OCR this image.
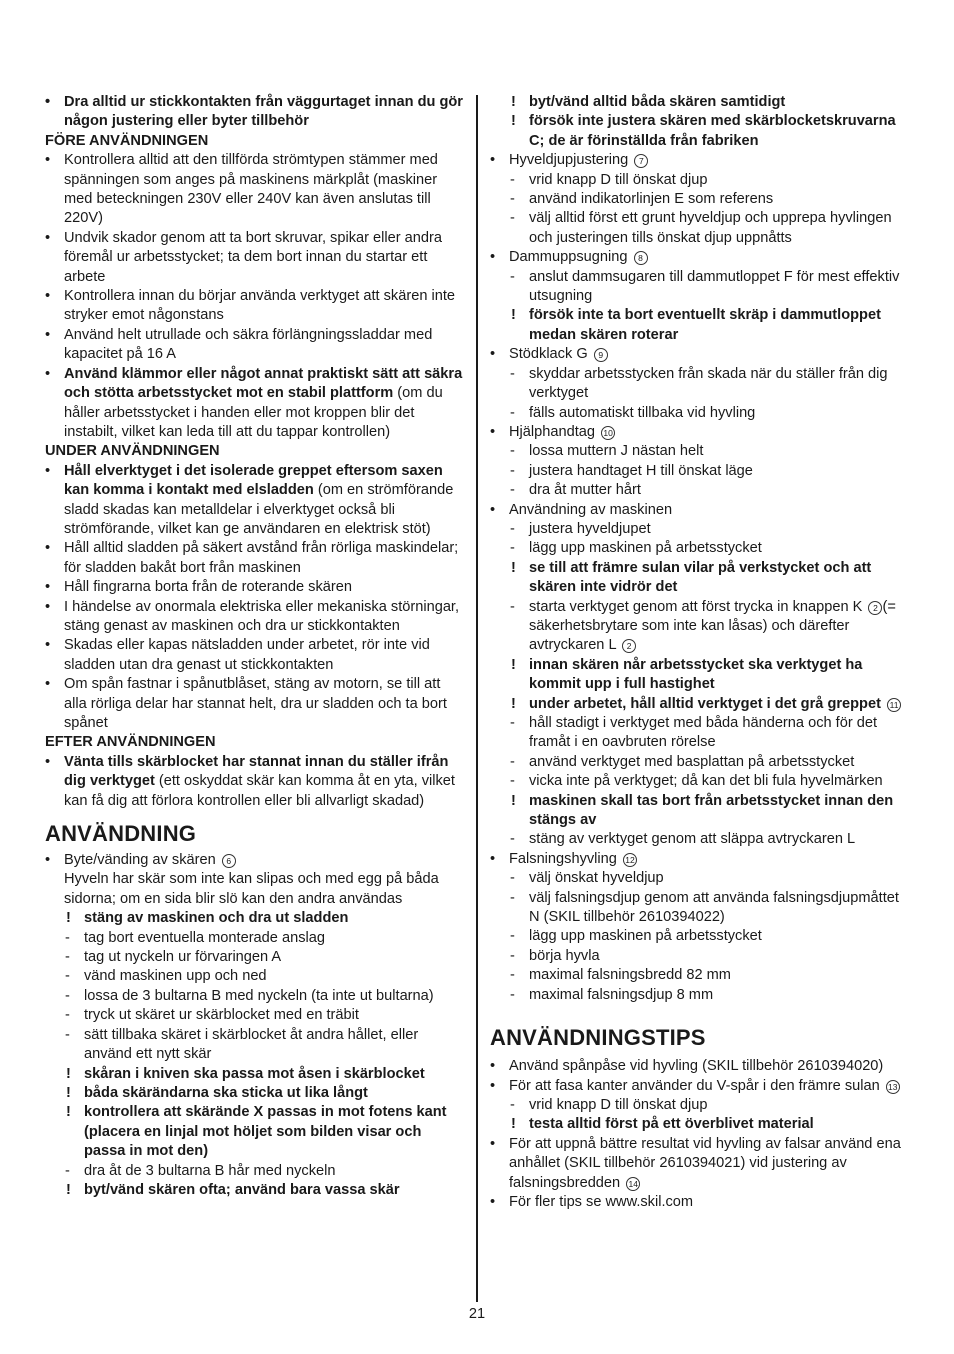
• Dra alltid ur stickkontakten från väggurtaget innan du gör någon justering eller byter tillbehör
FÖRE ANVÄNDNINGEN
• Kontrollera alltid att den tillförda strömtypen stämmer med spänningen som anges på maskinens märkplåt (maskiner med beteckningen 230V eller 240V kan även anslutas till 220V)
• Undvik skador genom att ta bort skruvar, spikar eller andra föremål ur arbetsstycket; ta dem bort innan du startar ett arbete
• Kontrollera innan du börjar använda verktyget att skären inte stryker emot någonstans
• Använd helt utrullade och säkra förlängningssladdar med kapacitet på 16 A
• Använd klämmor eller något annat praktiskt sätt att säkra och stötta arbetsstycket mot en stabil plattform (om du håller arbetsstycket i handen eller mot kroppen blir det instabilt, vilket kan leda till att du tappar kontrollen)
UNDER ANVÄNDNINGEN
• Håll elverktyget i det isolerade greppet eftersom saxen kan komma i kontakt med elsladden (om en strömförande sladd skadas kan metalldelar i elverktyget också bli strömförande, vilket kan ge användaren en elektrisk stöt)
• Håll alltid sladden på säkert avstånd från rörliga maskindelar; för sladden bakåt bort från maskinen
• Håll fingrarna borta från de roterande skären
• I händelse av onormala elektriska eller mekaniska störningar, stäng genast av maskinen och dra ur stickkontakten
• Skadas eller kapas nätsladden under arbetet, rör inte vid sladden utan dra genast ut stickkontakten
• Om spån fastnar i spånutblåset, stäng av motorn, se till att alla rörliga delar har stannat helt, dra ur sladden och ta bort spånet
EFTER ANVÄNDNINGEN
• Vänta tills skärblocket har stannat innan du ställer ifrån dig verktyget (ett oskyddat skär kan komma åt en yta, vilket kan få dig att förlora kontrollen eller bli allvarligt skadad)
ANVÄNDNING
• Byte/vänding av skären 6
Hyveln har skär som inte kan slipas och med egg på båda sidorna; om en sida blir slö kan den andra användas
! stäng av maskinen och dra ut sladden
- tag bort eventuella monterade anslag
- tag ut nyckeln ur förvaringen A
- vänd maskinen upp och ned
- lossa de 3 bultarna B med nyckeln (ta inte ut bultarna)
- tryck ut skäret ur skärblocket med en träbit
- sätt tillbaka skäret i skärblocket åt andra hållet, eller använd ett nytt skär
! skåran i kniven ska passa mot åsen i skärblocket
! båda skärändarna ska sticka ut lika långt
! kontrollera att skärände X passas in mot fotens kant (placera en linjal mot höljet som bilden visar och passa in mot den)
- dra åt de 3 bultarna B hår med nyckeln
! byt/vänd skären ofta; använd bara vassa skär
! byt/vänd alltid båda skären samtidigt
! försök inte justera skären med skärblocketskruvarna C; de är förinställda från fabriken
• Hyveldjupjustering 7
- vrid knapp D till önskat djup
- använd indikatorlinjen E som referens
- välj alltid först ett grunt hyveldjup och upprepa hyvlingen och justeringen tills önskat djup uppnåtts
• Dammuppsugning 8
- anslut dammsugaren till dammutloppet F för mest effektiv utsugning
! försök inte ta bort eventuellt skräp i dammutloppet medan skären roterar
• Stödklack G 9
- skyddar arbetsstycken från skada när du ställer från dig verktyget
- fälls automatiskt tillbaka vid hyvling
• Hjälphandtag 10
- lossa muttern J nästan helt
- justera handtaget H till önskat läge
- dra åt mutter hårt
• Användning av maskinen
- justera hyveldjupet
- lägg upp maskinen på arbetsstycket
! se till att främre sulan vilar på verkstycket och att skären inte vidrör det
- starta verktyget genom att först trycka in knappen K 2 (= säkerhetsbrytare som inte kan låsas) och därefter avtryckaren L 2
! innan skären når arbetsstycket ska verktyget ha kommit upp i full hastighet
! under arbetet, håll alltid verktyget i det grå greppet 11
- håll stadigt i verktyget med båda händerna och för det framåt i en oavbruten rörelse
- använd verktyget med basplattan på arbetsstycket
- vicka inte på verktyget; då kan det bli fula hyvelmärken
! maskinen skall tas bort från arbetsstycket innan den stängs av
- stäng av verktyget genom att släppa avtryckaren L
• Falsningshyvling 12
- välj önskat hyveldjup
- välj falsningsdjup genom att använda falsningsdjupmåttet N (SKIL tillbehör 2610394022)
- lägg upp maskinen på arbetsstycket
- börja hyvla
- maximal falsningsbredd 82 mm
- maximal falsningsdjup 8 mm
ANVÄNDNINGSTIPS
• Använd spånpåse vid hyvling (SKIL tillbehör 2610394020)
• För att fasa kanter använder du V-spår i den främre sulan 13
- vrid knapp D till önskat djup
! testa alltid först på ett överblivet material
• För att uppnå bättre resultat vid hyvling av falsar använd ena anhållet (SKIL tillbehör 2610394021) vid justering av falsningsbredden 14
• För fler tips se www.skil.com
21
